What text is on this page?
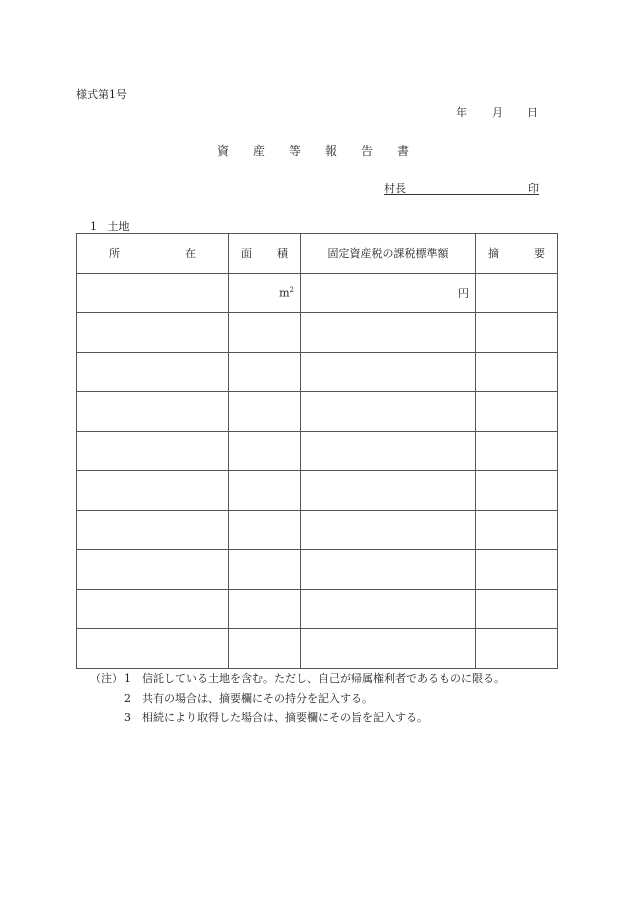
様式第1号
年 月 日
資 産 等 報 告 書
村長	印
1 土地
所 在	面 積	固定資産税の課税標準額	摘 要

	$m^2$	円	

（注） 1	信託している土地を含む。ただし、自己が帰属権利者であるものに限る。
2	共有の場合は、摘要欄にその持分を記入する。
3	相続により取得した場合は、摘要欄にその旨を記入する。
